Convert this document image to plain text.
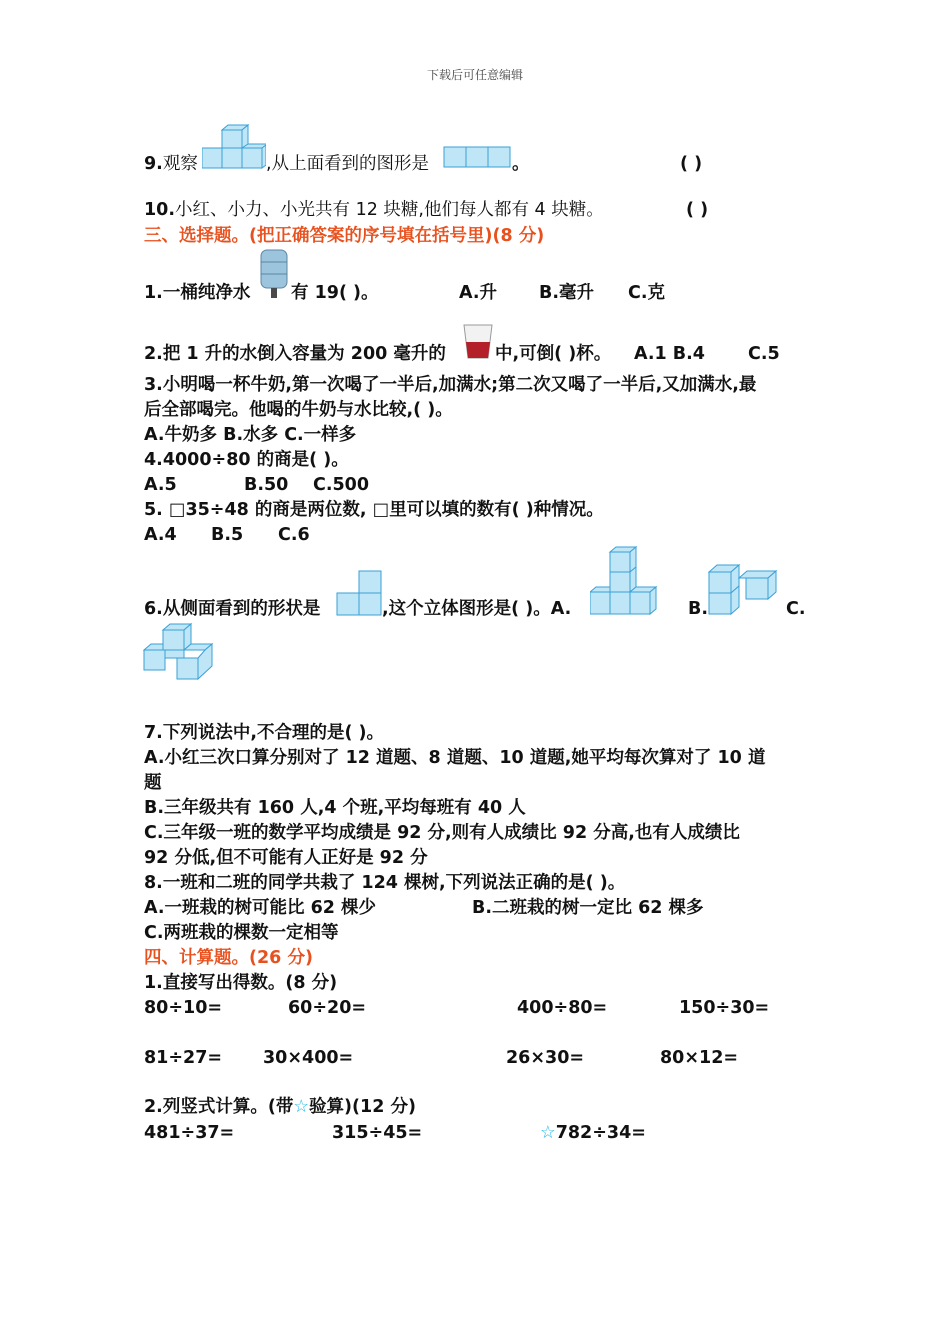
下载后可任意编辑
9.观察	,从上面看到的图形是	。	( )
10.小红、小力、小光共有 12 块糖,他们每人都有 4 块糖。	( )
三、选择题。(把正确答案的序号填在括号里)(8 分)
1.一桶纯净水 有 19( )。	A.升 B.毫升 C.克
2.把 1 升的水倒入容量为 200 毫升的	中,可倒( )杯。 A.1 B.4 C.5
3.小明喝一杯牛奶,第一次喝了一半后,加满水;第二次又喝了一半后,又加满水,最
后全部喝完。他喝的牛奶与水比较,( )。
A.牛奶多 B.水多 C.一样多
4.4000÷80 的商是( )。
A.5	B.50 C.500
5. □35÷48 的商是两位数, □里可以填的数有( )种情况。
A.4 B.5 C.6
6.从侧面看到的形状是	,这个立体图形是( )。A.	B.	C.
7.下列说法中,不合理的是( )。
A.小红三次口算分别对了 12 道题、8 道题、10 道题,她平均每次算对了 10 道
题
B.三年级共有 160 人,4 个班,平均每班有 40 人
C.三年级一班的数学平均成绩是 92 分,则有人成绩比 92 分高,也有人成绩比
92 分低,但不可能有人正好是 92 分
8.一班和二班的同学共栽了 124 棵树,下列说法正确的是( )。
A.一班栽的树可能比 62 棵少	B.二班栽的树一定比 62 棵多
C.两班栽的棵数一定相等
四、计算题。(26 分)
1.直接写出得数。(8 分)
80÷10=	60÷20=	400÷80=	150÷30=
81÷27= 30×400=	26×30=	80×12=
2.列竖式计算。(带☆验算)(12 分)
481÷37=	315÷45=	☆782÷34=
